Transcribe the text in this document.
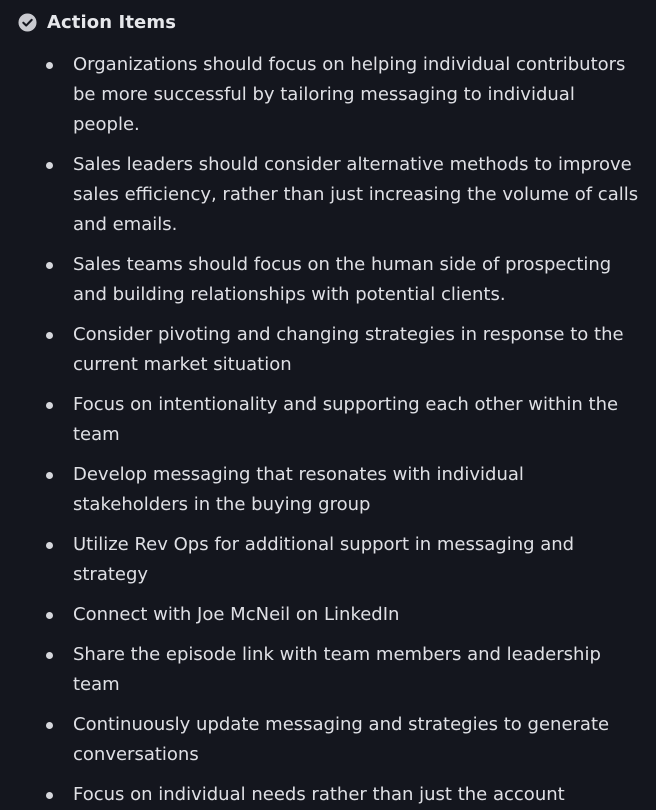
Action Items
Organizations should focus on helping individual contributors be more successful by tailoring messaging to individual people.
Sales leaders should consider alternative methods to improve sales efficiency, rather than just increasing the volume of calls and emails.
Sales teams should focus on the human side of prospecting and building relationships with potential clients.
Consider pivoting and changing strategies in response to the current market situation
Focus on intentionality and supporting each other within the team
Develop messaging that resonates with individual stakeholders in the buying group
Utilize Rev Ops for additional support in messaging and strategy
Connect with Joe McNeil on LinkedIn
Share the episode link with team members and leadership team
Continuously update messaging and strategies to generate conversations
Focus on individual needs rather than just the account
